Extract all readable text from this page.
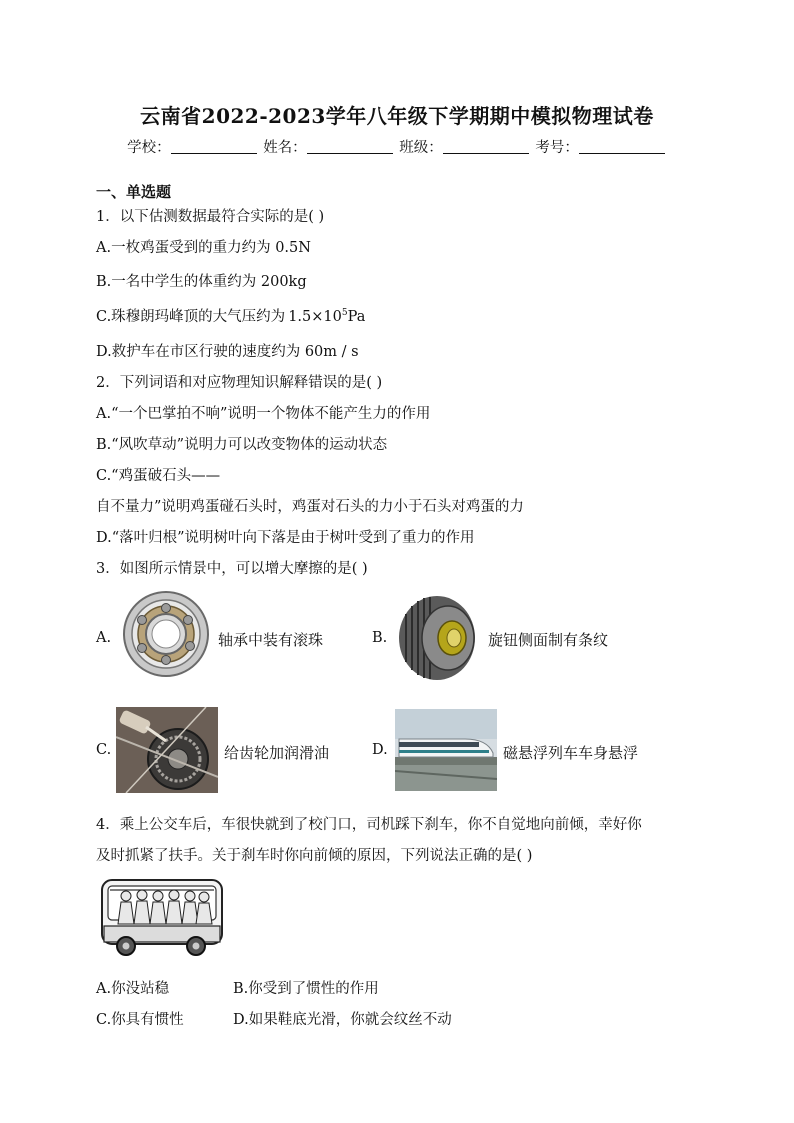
云南省2022-2023学年八年级下学期期中模拟物理试卷
学校：	姓名：	班级：	考号：
一、单选题
1．以下估测数据最符合实际的是( )
A.一枚鸡蛋受到的重力约为 0.5N
B.一名中学生的体重约为 200kg
C.珠穆朗玛峰顶的大气压约为 $1.5\times 10^5Pa$
D.救护车在市区行驶的速度约为 60m / s
2．下列词语和对应物理知识解释错误的是( )
A.“一个巴掌拍不响”说明一个物体不能产生力的作用
B.“风吹草动”说明力可以改变物体的运动状态
C.“鸡蛋破石头——
自不量力”说明鸡蛋碰石头时，鸡蛋对石头的力小于石头对鸡蛋的力
D.“落叶归根”说明树叶向下落是由于树叶受到了重力的作用
3．如图所示情景中，可以增大摩擦的是( )
A.	轴承中装有滚珠	B.	旋钮侧面制有条纹
C.	给齿轮加润滑油	D.	磁悬浮列车车身悬浮
4．乘上公交车后，车很快就到了校门口，司机踩下刹车，你不自觉地向前倾，幸好你
及时抓紧了扶手。关于刹车时你向前倾的原因，下列说法正确的是( )
A.你没站稳	B.你受到了惯性的作用
C.你具有惯性	D.如果鞋底光滑，你就会纹丝不动
